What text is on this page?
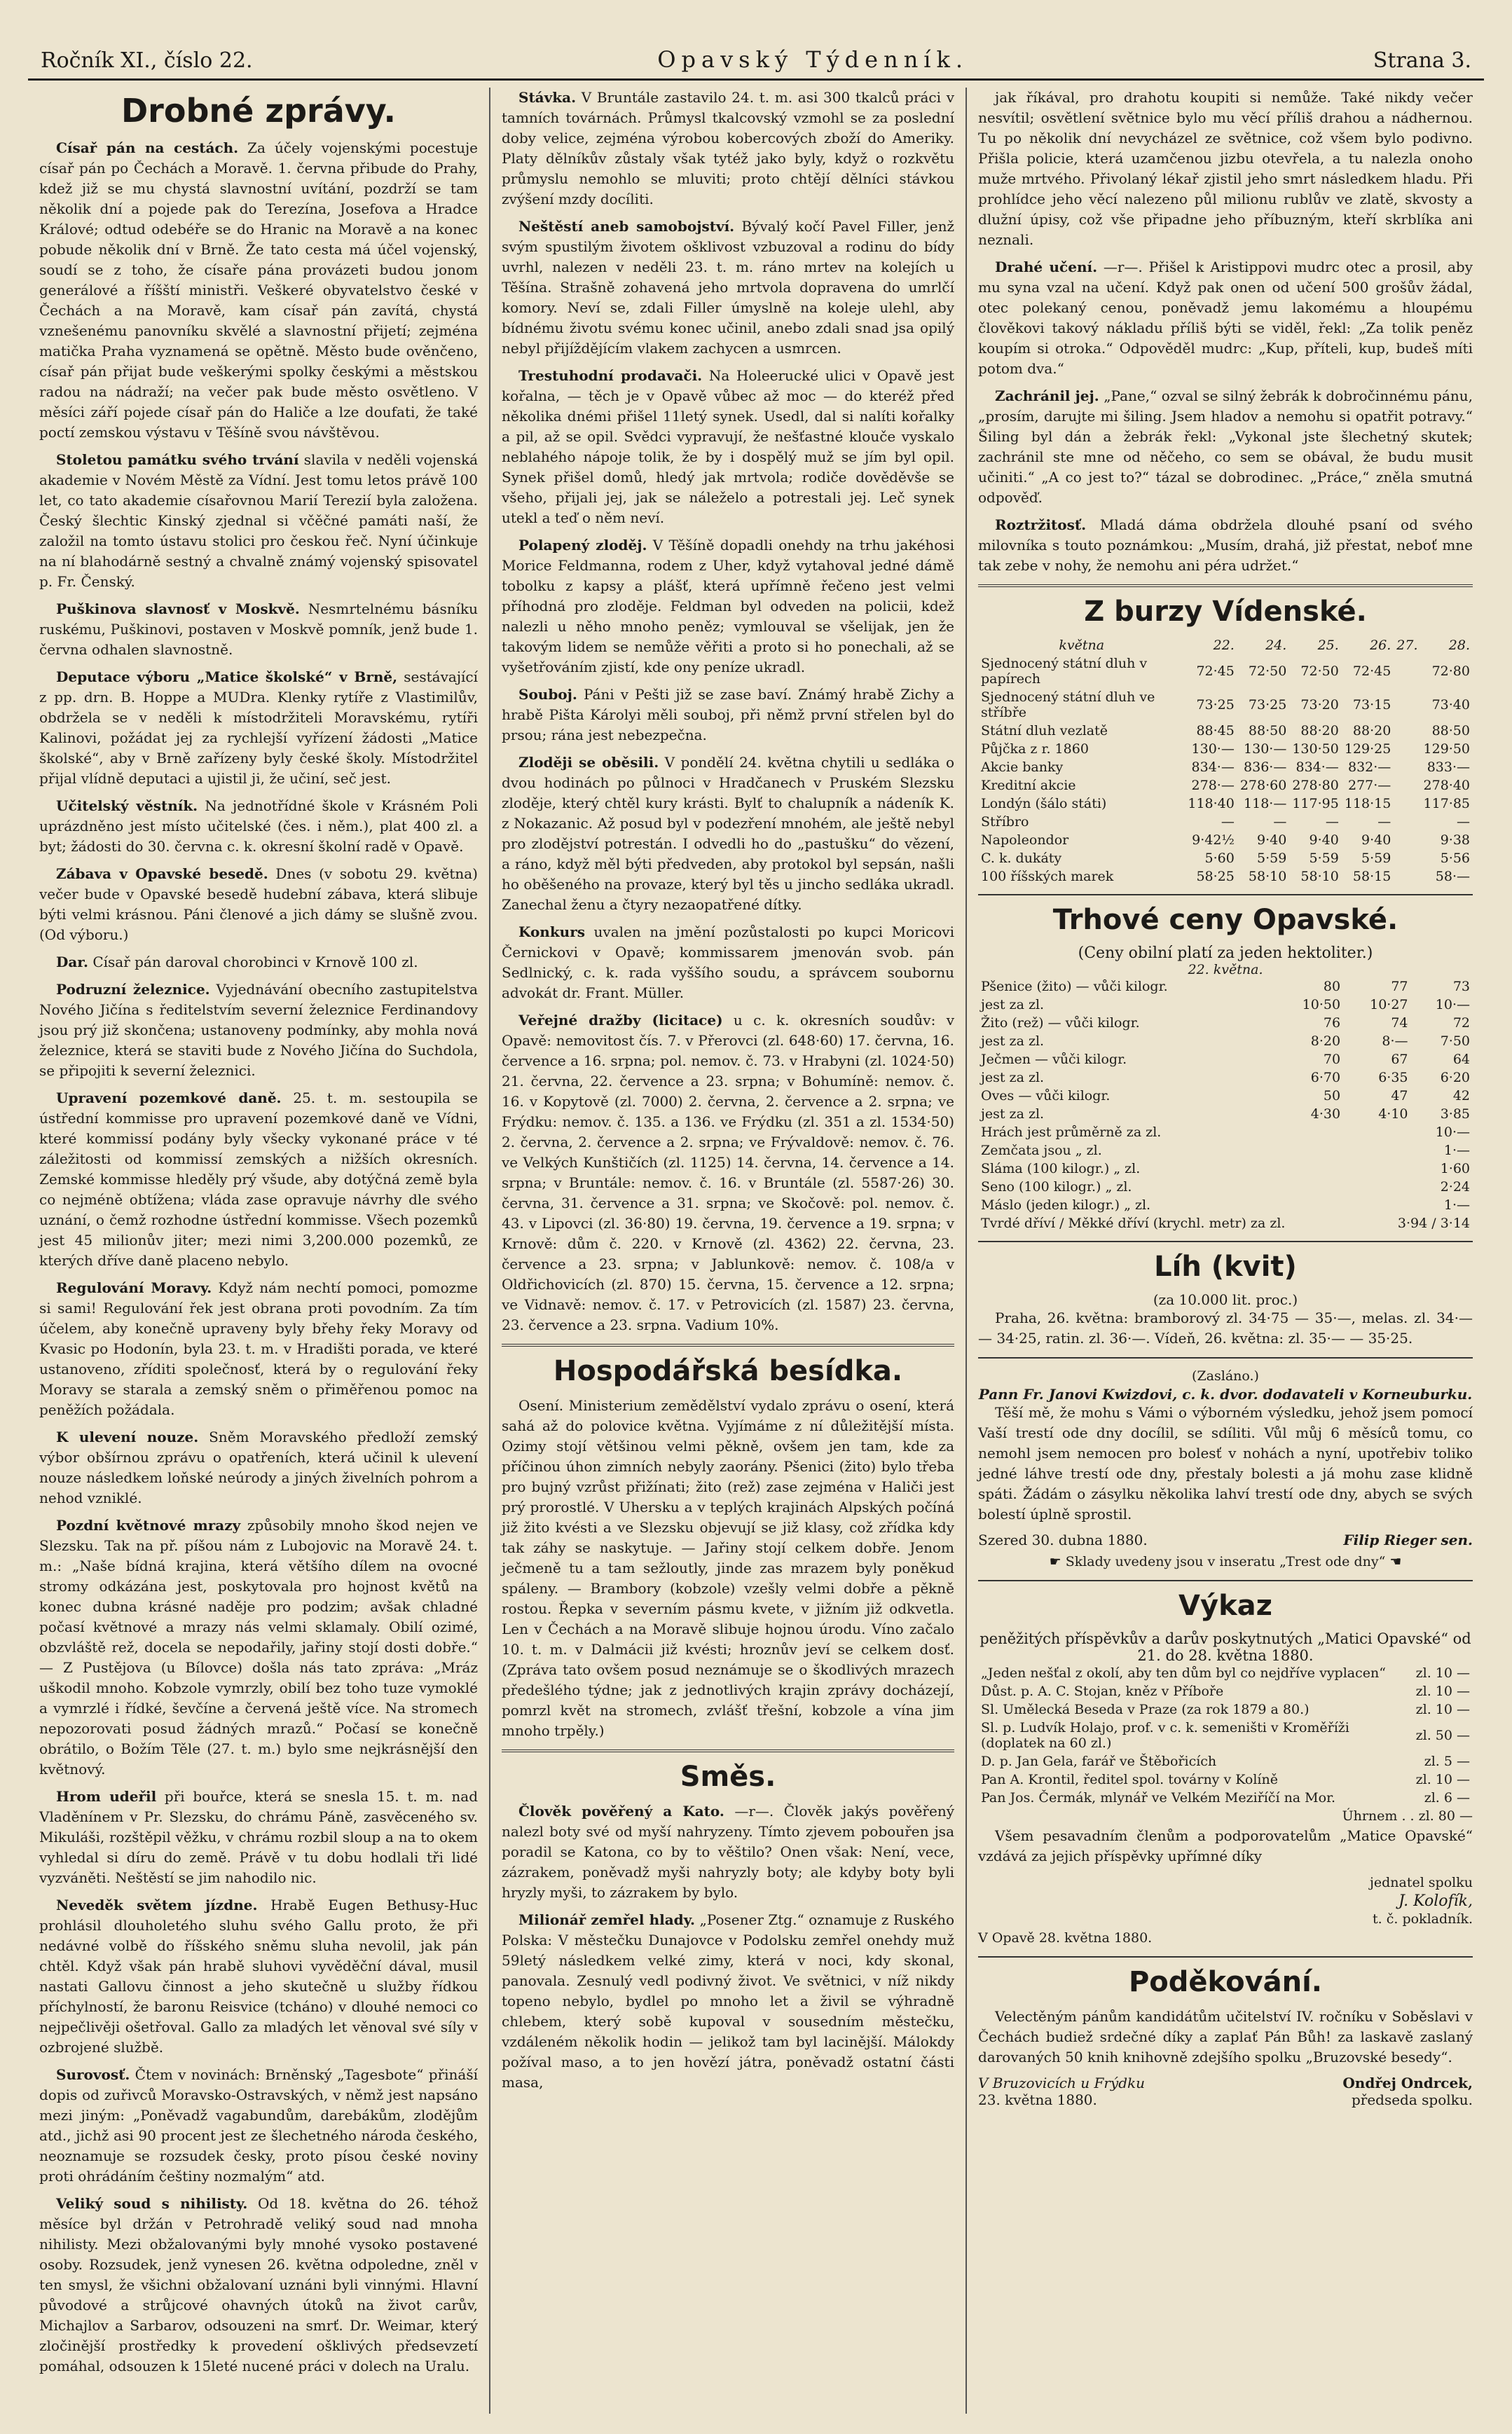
Ročník XI., číslo 22.	Opavský Týdenník.	Strana 3.
Drobné zprávy.

Císař pán na cestách. Za účely vojenskými pocestuje císař pán po Čechách a Moravě. 1. června přibude do Prahy, kdež již se mu chystá slavnostní uvítání, pozdrží se tam několik dní a pojede pak do Terezína, Josefova a Hradce Králové; odtud odebéře se do Hranic na Moravě a na konec pobude několik dní v Brně. Že tato cesta má účel vojenský, soudí se z toho, že císaře pána provázeti budou jonom generálové a říšští ministři. Veškeré obyvatelstvo české v Čechách a na Moravě, kam císař pán zavítá, chystá vznešenému panovníku skvělé a slavnostní přijetí; zejména matička Praha vyznamená se opětně. Město bude ověnčeno, císař pán přijat bude veškerými spolky českými a městskou radou na nádraží; na večer pak bude město osvětleno. V měsíci září pojede císař pán do Haliče a lze doufati, že také poctí zemskou výstavu v Těšíně svou návštěvou.

Stoletou památku svého trvání slavila v neděli vojenská akademie v Novém Městě za Vídní. Jest tomu letos právě 100 let, co tato akademie císařovnou Marií Terezií byla založena. Český šlechtic Kinský zjednal si včěčné památi naší, že založil na tomto ústavu stolici pro českou řeč. Nyní účinkuje na ní blahodárně sestný a chvalně známý vojenský spisovatel p. Fr. Čenský.

Puškinova slavnosť v Moskvě. Nesmrtelnému básníku ruskému, Puškinovi, postaven v Moskvě pomník, jenž bude 1. června odhalen slavnostně.

Deputace výboru „Matice školské“ v Brně, sestávající z pp. drn. B. Hoppe a MUDra. Klenky rytíře z Vlastimilův, obdržela se v neděli k místodržiteli Moravskému, rytíři Kalinovi, požádat jej za rychlejší vyřízení žádosti „Matice školské“, aby v Brně zařízeny byly české školy. Místodržitel přijal vlídně deputaci a ujistil ji, že učiní, seč jest.

Učitelský věstník. Na jednotřídné škole v Krásném Poli uprázdněno jest místo učitelské (čes. i něm.), plat 400 zl. a byt; žádosti do 30. června c. k. okresní školní radě v Opavě.

Zábava v Opavské besedě. Dnes (v sobotu 29. května) večer bude v Opavské besedě hudební zábava, která slibuje býti velmi krásnou. Páni členové a jich dámy se slušně zvou. (Od výboru.)

Dar. Císař pán daroval chorobinci v Krnově 100 zl.

Podruzní železnice. Vyjednávání obecního zastupitelstva Nového Jičína s ředitelstvím severní železnice Ferdinandovy jsou prý již skončena; ustanoveny podmínky, aby mohla nová železnice, která se staviti bude z Nového Jičína do Suchdola, se připojiti k severní železnici.

Upravení pozemkové daně. 25. t. m. sestoupila se ústřední kommisse pro upravení pozemkové daně ve Vídni, které kommissí podány byly všecky vykonané práce v té záležitosti od kommissí zemských a nižších okresních. Zemské kommisse hleděly prý všude, aby dotýčná země byla co nejméně obtížena; vláda zase opravuje návrhy dle svého uznání, o čemž rozhodne ústřední kommisse. Všech pozemků jest 45 milionův jiter; mezi nimi 3,200.000 pozemků, ze kterých dříve daně placeno nebylo.

Regulování Moravy. Když nám nechtí pomoci, pomozme si sami! Regulování řek jest obrana proti povodním. Za tím účelem, aby konečně upraveny byly břehy řeky Moravy od Kvasic po Hodonín, byla 23. t. m. v Hradišti porada, ve které ustanoveno, zříditi společnosť, která by o regulování řeky Moravy se starala a zemský sněm o přiměřenou pomoc na peněžích požádala.

K ulevení nouze. Sněm Moravského předloží zemský výbor obšírnou zprávu o opatřeních, která učinil k ulevení nouze následkem loňské neúrody a jiných živelních pohrom a nehod vzniklé.

Pozdní květnové mrazy způsobily mnoho škod nejen ve Slezsku. Tak na př. píšou nám z Lubojovic na Moravě 24. t. m.: „Naše bídná krajina, která většího dílem na ovocné stromy odkázána jest, poskytovala pro hojnost květů na konec dubna krásné naděje pro podzim; avšak chladné počasí květnové a mrazy nás velmi sklamaly. Obilí ozimé, obzvláště rež, docela se nepodařily, jařiny stojí dosti dobře.“ — Z Pustějova (u Bílovce) došla nás tato zpráva: „Mráz uškodil mnoho. Kobzole vymrzly, obilí bez toho tuze vymoklé a vymrzlé i řídké, ševčíne a červená ještě více. Na stromech nepozorovati posud žádných mrazů.“ Počasí se konečně obrátilo, o Božím Těle (27. t. m.) bylo sme nejkrásnější den květnový.

Hrom udeřil při bouřce, která se snesla 15. t. m. nad Vladěnínem v Pr. Slezsku, do chrámu Páně, zasvěceného sv. Mikuláši, rozštěpil věžku, v chrámu rozbil sloup a na to okem vyhledal si díru do země. Právě v tu dobu hodlali tři lidé vyzváněti. Neštěstí se jim nahodilo nic.

Neveděk světem jízdne. Hrabě Eugen Bethusy-Huc prohlásil dlouholetého sluhu svého Gallu proto, že při nedávné volbě do říšského sněmu sluha nevolil, jak pán chtěl. Když však pán hrabě sluhovi vyvěděční dával, musil nastati Gallovu činnost a jeho skutečně u služby řídkou příchylností, že baronu Reisvice (tcháno) v dlouhé nemoci co nejpečlivěji ošetřoval. Gallo za mladých let věnoval své síly v ozbrojené službě.

Surovosť. Čtem v novinách: Brněnský „Tagesbote“ přináší dopis od zuřivců Moravsko-Ostravských, v němž jest napsáno mezi jiným: „Poněvadž vagabundům, darebákům, zlodějům atd., jichž asi 90 procent jest ze šlechetného národa českého, neoznamuje se rozsudek česky, proto písou české noviny proti ohrádáním češtiny nozmalým“ atd.

Veliký soud s nihilisty. Od 18. května do 26. téhož měsíce byl držán v Petrohradě veliký soud nad mnoha nihilisty. Mezi obžalovanými byly mnohé vysoko postavené osoby. Rozsudek, jenž vynesen 26. května odpoledne, zněl v ten smysl, že všichni obžalovaní uznáni byli vinnými. Hlavní původové a strůjcové ohavných útoků na život carův, Michajlov a Sarbarov, odsouzeni na smrť. Dr. Weimar, který zločinější prostředky k provedení ošklivých předsevzetí pomáhal, odsouzen k 15leté nucené práci v dolech na Uralu.

Stávka. V Bruntále zastavilo 24. t. m. asi 300 tkalců práci v tamních továrnách. Průmysl tkalcovský vzmohl se za poslední doby velice, zejména výrobou kobercových zboží do Ameriky. Platy dělníkův zůstaly však tytéž jako byly, když o rozkvětu průmyslu nemohlo se mluviti; proto chtějí dělníci stávkou zvýšení mzdy docíliti.

Neštěstí aneb samobojství. Bývalý kočí Pavel Filler, jenž svým spustilým životem ošklivost vzbuzoval a rodinu do bídy uvrhl, nalezen v neděli 23. t. m. ráno mrtev na kolejích u Těšína. Strašně zohavená jeho mrtvola dopravena do umrlčí komory. Neví se, zdali Filler úmyslně na koleje ulehl, aby bídnému životu svému konec učinil, anebo zdali snad jsa opilý nebyl přijíždějícím vlakem zachycen a usmrcen.

Trestuhodní prodavači. Na Holeerucké ulici v Opavě jest kořalna, — těch je v Opavě vůbec až moc — do kteréž před několika dnémi přišel 11letý synek. Usedl, dal si nalíti kořalky a pil, až se opil. Svědci vypravují, že nešťastné klouče vyskalo neblahého nápoje tolik, že by i dospělý muž se jím byl opil. Synek přišel domů, hledý jak mrtvola; rodiče dověděvše se všeho, přijali jej, jak se náleželo a potrestali jej. Leč synek utekl a teď o něm neví.

Polapený zloděj. V Těšíně dopadli onehdy na trhu jakéhosi Morice Feldmanna, rodem z Uher, když vytahoval jedné dámě tobolku z kapsy a plášť, která upřímně řečeno jest velmi příhodná pro zloděje. Feldman byl odveden na policii, kdež nalezli u něho mnoho peněz; vymlouval se všelijak, jen že takovým lidem se nemůže věřiti a proto si ho ponechali, až se vyšetřováním zjistí, kde ony peníze ukradl.

Souboj. Páni v Pešti již se zase baví. Známý hrabě Zichy a hrabě Pišta Károlyi měli souboj, při němž první střelen byl do prsou; rána jest nebezpečna.

Zloději se oběsili. V pondělí 24. května chytili u sedláka o dvou hodinách po půlnoci v Hradčanech v Pruském Slezsku zloděje, který chtěl kury krásti. Bylť to chalupník a nádeník K. z Nokazanic. Až posud byl v podezření mnohém, ale ještě nebyl pro zlodějství potrestán. I odvedli ho do „pastušku“ do vězení, a ráno, když měl býti předveden, aby protokol byl sepsán, našli ho oběšeného na provaze, který byl těs u jincho sedláka ukradl. Zanechal ženu a čtyry nezaopatřené dítky.

Konkurs uvalen na jmění pozůstalosti po kupci Moricovi Černickovi v Opavě; kommissarem jmenován svob. pán Sedlnický, c. k. rada vyššího soudu, a správcem soubornu advokát dr. Frant. Müller.

Veřejné dražby (licitace) u c. k. okresních soudův: v Opavě: nemovitost čís. 7. v Přerovci (zl. 648·60) 17. června, 16. července a 16. srpna; pol. nemov. č. 73. v Hrabyni (zl. 1024·50) 21. června, 22. července a 23. srpna; v Bohumíně: nemov. č. 16. v Kopytově (zl. 7000) 2. června, 2. července a 2. srpna; ve Frýdku: nemov. č. 135. a 136. ve Frýdku (zl. 351 a zl. 1534·50) 2. června, 2. července a 2. srpna; ve Frývaldově: nemov. č. 76. ve Velkých Kunštičích (zl. 1125) 14. června, 14. července a 14. srpna; v Bruntále: nemov. č. 16. v Bruntále (zl. 5587·26) 30. června, 31. července a 31. srpna; ve Skočově: pol. nemov. č. 43. v Lipovci (zl. 36·80) 19. června, 19. července a 19. srpna; v Krnově: dům č. 220. v Krnově (zl. 4362) 22. června, 23. července a 23. srpna; v Jablunkově: nemov. č. 108/a v Oldřichovicích (zl. 870) 15. června, 15. července a 12. srpna; ve Vidnavě: nemov. č. 17. v Petrovicích (zl. 1587) 23. června, 23. července a 23. srpna. Vadium 10%.

Hospodářská besídka.

Osení. Ministerium zemědělství vydalo zprávu o osení, která sahá až do polovice května. Vyjímáme z ní důležitější místa. Ozimy stojí většinou velmi pěkně, ovšem jen tam, kde za příčinou úhon zimních nebyly zaorány. Pšenici (žito) bylo třeba pro bujný vzrůst přižínati; žito (rež) zase zejména v Haliči jest prý prorostlé. V Uhersku a v teplých krajinách Alpských počíná již žito kvésti a ve Slezsku objevují se již klasy, což zřídka kdy tak záhy se naskytuje. — Jařiny stojí celkem dobře. Jenom ječmeně tu a tam sežloutly, jinde zas mrazem byly poněkud spáleny. — Brambory (kobzole) vzešly velmi dobře a pěkně rostou. Řepka v severním pásmu kvete, v jižním již odkvetla. Len v Čechách a na Moravě slibuje hojnou úrodu. Víno začalo 10. t. m. v Dalmácii již kvésti; hroznův jeví se celkem dosť. (Zpráva tato ovšem posud neznámuje se o škodlivých mrazech předešlého týdne; jak z jednotlivých krajin zprávy docházejí, pomrzl květ na stromech, zvlášť třešní, kobzole a vína jim mnoho trpěly.)

Směs.

Člověk pověřený a Kato. —r—. Člověk jakýs pověřený nalezl boty své od myší nahryzeny. Tímto zjevem pobouřen jsa poradil se Katona, co by to věštilo? Onen však: Není, vece, zázrakem, poněvadž myši nahryzly boty; ale kdyby boty byli hryzly myši, to zázrakem by bylo.

Milionář zemřel hlady. „Posener Ztg.“ oznamuje z Ruského Polska: V městečku Dunajovce v Podolsku zemřel onehdy muž 59letý následkem velké zimy, která v noci, kdy skonal, panovala. Zesnulý vedl podivný život. Ve světnici, v níž nikdy topeno nebylo, bydlel po mnoho let a živil se výhradně chlebem, který sobě kupoval v sousedním městečku, vzdáleném několik hodin — jelikož tam byl lacinější. Málokdy požíval maso, a to jen hovězí játra, poněvadž ostatní části masa,

jak říkával, pro drahotu koupiti si nemůže. Také nikdy večer nesvítil; osvětlení světnice bylo mu věcí příliš drahou a nádhernou. Tu po několik dní nevycházel ze světnice, což všem bylo podivno. Přišla policie, která uzamčenou jizbu otevřela, a tu nalezla onoho muže mrtvého. Přivolaný lékař zjistil jeho smrt následkem hladu. Při prohlídce jeho věcí nalezeno půl milionu rublův ve zlatě, skvosty a dlužní úpisy, což vše připadne jeho příbuzným, kteří skrblíka ani neznali.

Drahé učení. —r—. Přišel k Aristippovi mudrc otec a prosil, aby mu syna vzal na učení. Když pak onen od učení 500 grošův žádal, otec polekaný cenou, poněvadž jemu lakomému a hloupému člověkovi takový nákladu příliš býti se viděl, řekl: „Za tolik peněz koupím si otroka.“ Odpověděl mudrc: „Kup, příteli, kup, budeš míti potom dva.“

Zachránil jej. „Pane,“ ozval se silný žebrák k dobročinnému pánu, „prosím, darujte mi šiling. Jsem hladov a nemohu si opatřit potravy.“ Šiling byl dán a žebrák řekl: „Vykonal jste šlechetný skutek; zachránil ste mne od něčeho, co sem se obával, že budu musit učiniti.“ „A co jest to?“ tázal se dobrodinec. „Práce,“ zněla smutná odpověď.

Roztržitosť. Mladá dáma obdržela dlouhé psaní od svého milovníka s touto poznámkou: „Musím, drahá, již přestat, neboť mne tak zebe v nohy, že nemohu ani péra udržet.“

Z burzy Vídenské.
května	22.	24.	25.	26.	27.	28.
Sjednocený státní dluh v papírech	72·45	72·50	72·50	72·45		72·80
Sjednocený státní dluh ve stříbře	73·25	73·25	73·20	73·15		73·40
Státní dluh vezlatě	88·45	88·50	88·20	88·20		88·50
Půjčka z r. 1860	130·—	130·—	130·50	129·25		129·50
Akcie banky	834·—	836·—	834·—	832·—		833·—
Kreditní akcie	278·—	278·60	278·80	277·—		278·40
Londýn (šálo státi)	118·40	118·—	117·95	118·15		117·85
Stříbro	—	—	—	—		—
Napoleondor	9·42½	9·40	9·40	9·40		9·38
C. k. dukáty	5·60	5·59	5·59	5·59		5·56
100 říšských marek	58·25	58·10	58·10	58·15		58·—
Trhové ceny Opavské.
(Ceny obilní platí za jeden hektoliter.)
22. května.
Pšenice (žito) — vůči kilogr.	80	77	73
jest za zl.	10·50	10·27	10·—
Žito (rež) — vůči kilogr.	76	74	72
jest za zl.	8·20	8·—	7·50
Ječmen — vůči kilogr.	70	67	64
jest za zl.	6·70	6·35	6·20
Oves — vůči kilogr.	50	47	42
jest za zl.	4·30	4·10	3·85
Hrách jest průměrně za zl.	10·—
Zemčata jsou „ zl.	1·—
Sláma (100 kilogr.) „ zl.	1·60
Seno (100 kilogr.) „ zl.	2·24
Máslo (jeden kilogr.) „ zl.	1·—
Tvrdé dříví / Měkké dříví (krychl. metr) za zl.	3·94 / 3·14
Líh (kvit)
(za 10.000 lit. proc.)

Praha, 26. května: bramborový zl. 34·75 — 35·—, melas. zl. 34·— — 34·25, ratin. zl. 36·—. Vídeň, 26. května: zl. 35·— — 35·25.

(Zasláno.)
Pann Fr. Janovi Kwizdovi, c. k. dvor. dodavateli v Korneuburku.

Těší mě, že mohu s Vámi o výborném výsledku, jehož jsem pomocí Vaší trestí ode dny docílil, se sdíliti. Vůl můj 6 měsíců tomu, co nemohl jsem nemocen pro bolesť v nohách a nyní, upotřebiv toliko jedné láhve trestí ode dny, přestaly bolesti a já mohu zase klidně spáti. Žádám o zásylku několika lahví trestí ode dny, abych se svých bolestí úplně sprostil.

Szered 30. dubna 1880.	Filip Rieger sen.
☛ Sklady uvedeny jsou v inseratu „Trest ode dny“ ☚
Výkaz
peněžitých příspěvkův a darův poskytnutých „Matici Opavské“ od 21. do 28. května 1880.
„Jeden nešťal z okolí, aby ten dům byl co nejdříve vyplacen“	zl. 10 —
Důst. p. A. C. Stojan, kněz v Příboře	zl. 10 —
Sl. Umělecká Beseda v Praze (za rok 1879 a 80.)	zl. 10 —
Sl. p. Ludvík Holajo, prof. v c. k. semeništi v Kroměříži (doplatek na 60 zl.)	zl. 50 —
D. p. Jan Gela, farář ve Štěbořicích	zl. 5 —
Pan A. Krontil, ředitel spol. továrny v Kolíně	zl. 10 —
Pan Jos. Čermák, mlynář ve Velkém Meziříčí na Mor.	zl. 6 —
Úhrnem . . zl. 80 —

Všem pesavadním členům a podporovatelům „Matice Opavské“ vzdává za jejich příspěvky upřímné díky

jednatel spolku
J. Kolofík,
t. č. pokladník.
V Opavě 28. května 1880.
Poděkování.

Velectěným pánům kandidátům učitelství IV. ročníku v Soběslavi v Čechách budiež srdečné díky a zaplať Pán Bůh! za laskavě zaslaný darovaných 50 knih knihovně zdejšího spolku „Bruzovské besedy“.

V Bruzovicích u Frýdku
23. května 1880.
Ondřej Ondrcek,
předseda spolku.
